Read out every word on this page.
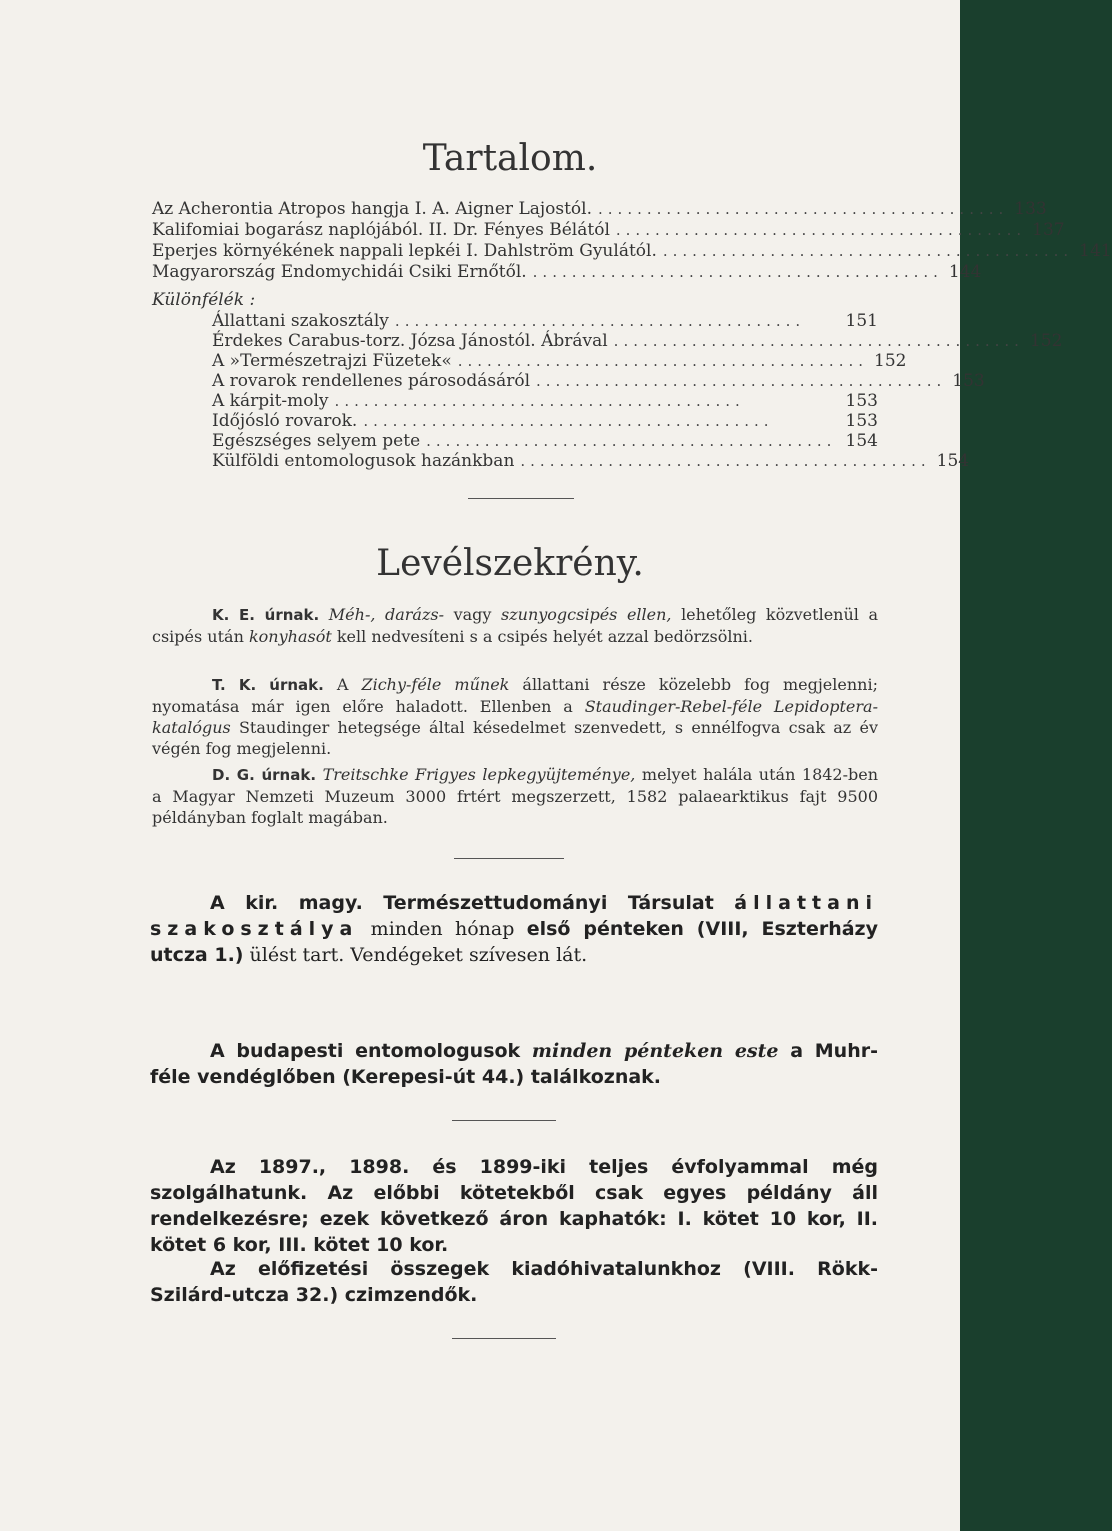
Tartalom.
Az Acherontia Atropos hangja I. A. Aigner Lajostól. .......................................... 133
Kalifomiai bogarász naplójából. II. Dr. Fényes Bélától .......................................... 137
Eperjes környékének nappali lepkéi I. Dahlström Gyulától. .......................................... 141
Magyarország Endomychidái Csiki Ernőtől. .......................................... 144
Különfélék :
Állattani szakosztály ..........................................	151
Érdekes Carabus-torz. Józsa Jánostól. Ábrával .......................................... 152
A »Természetrajzi Füzetek« .......................................... 152
A rovarok rendellenes párosodásáról .......................................... 153
A kárpit-moly ..........................................	153
Időjósló rovarok. ..........................................	153
Egészséges selyem pete .......................................... 154
Külföldi entomologusok hazánkban .......................................... 154
Levélszekrény.
K. E. úrnak. Méh-, darázs- vagy szunyogcsipés ellen, lehetőleg közvetlenül a csipés után konyhasót kell nedvesíteni s a csipés helyét azzal bedörzsölni.
T. K. úrnak. A Zichy-féle műnek állattani része közelebb fog megjelenni; nyomatása már igen előre haladott. Ellenben a Staudinger-Rebel-féle Lepidoptera- katalógus Staudinger hetegsége által késedelmet szenvedett, s ennélfogva csak az év végén fog megjelenni.
D. G. úrnak. Treitschke Frigyes lepkegyüjteménye, melyet halála után 1842-ben a Magyar Nemzeti Muzeum 3000 frtért megszerzett, 1582 palaearktikus fajt 9500 példányban foglalt magában.
A kir. magy. Természettudományi Társulat állattani szakosztálya minden hónap első pénteken (VIII, Eszterházy utcza 1.) ülést tart. Vendégeket szívesen lát.
A budapesti entomologusok minden pénteken este a Muhr-féle vendéglőben (Kerepesi-út 44.) találkoznak.
Az 1897., 1898. és 1899-iki teljes évfolyammal még szolgálhatunk. Az előbbi kötetekből csak egyes példány áll rendelkezésre; ezek következő áron kaphatók: I. kötet 10 kor, II. kötet 6 kor, III. kötet 10 kor.
Az előfizetési összegek kiadóhivatalunkhoz (VIII. Rökk-Szilárd-utcza 32.) czimzendők.
